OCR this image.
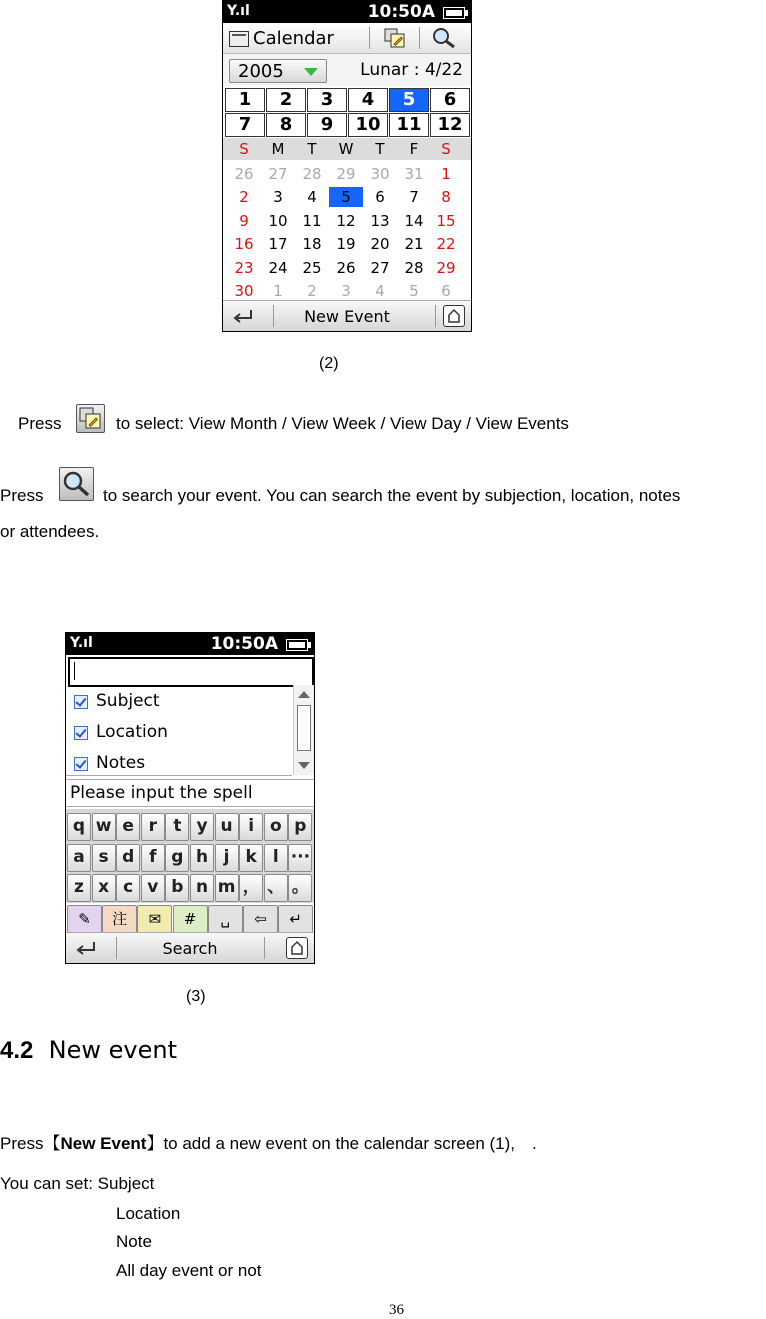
Y.ıl	10:50A
Calendar
2005	Lunar : 4/22
1	2	3	4	5	6
7	8	9	10 11 12
S	M	T	W	T	F	S
26 27 28 29 30 31	1
2	3	4	5	6	7	8
9	10 11 12 13 14 15
16 17 18 19 20 21 22
23 24 25 26 27 28 29
30	1	2	3	4	5	6
New Event
(2)
Press	to select: View Month / View Week / View Day / View Events
Press	to search your event. You can search the event by subjection, location, notes
or attendees.
Y.ıl	10:50A
Subject
Location
Notes
Please input the spell
q w e r t y u i o p
a s d f g h j k l ···
z x c v b n m ， 、 。
✎	注	✉	#	␣	⇦	↵
Search
(3)
4.2 New event
Press【New Event】to add a new event on the calendar screen (1),　.
You can set: Subject
Location
Note
All day event or not
36
